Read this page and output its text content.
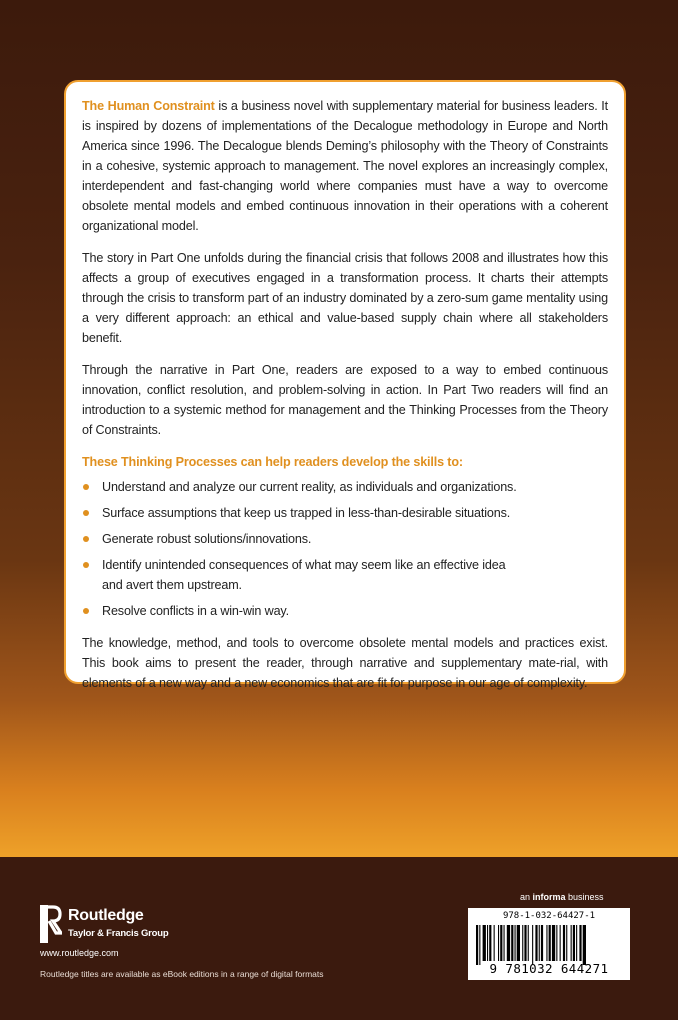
The Human Constraint is a business novel with supplementary material for business leaders. It is inspired by dozens of implementations of the Decalogue methodology in Europe and North America since 1996. The Decalogue blends Deming’s philosophy with the Theory of Constraints in a cohesive, systemic approach to management. The novel explores an increasingly complex, interdependent and fast-changing world where companies must have a way to overcome obsolete mental models and embed continuous innovation in their operations with a coherent organizational model.

The story in Part One unfolds during the financial crisis that follows 2008 and illustrates how this affects a group of executives engaged in a transformation process. It charts their attempts through the crisis to transform part of an industry dominated by a zero-sum game mentality using a very different approach: an ethical and value-based supply chain where all stakeholders benefit.

Through the narrative in Part One, readers are exposed to a way to embed continuous innovation, conflict resolution, and problem-solving in action. In Part Two readers will find an introduction to a systemic method for management and the Thinking Processes from the Theory of Constraints.

These Thinking Processes can help readers develop the skills to:
Understand and analyze our current reality, as individuals and organizations.
Surface assumptions that keep us trapped in less-than-desirable situations.
Generate robust solutions/innovations.
Identify unintended consequences of what may seem like an effective idea and avert them upstream.
Resolve conflicts in a win-win way.

The knowledge, method, and tools to overcome obsolete mental models and practices exist. This book aims to present the reader, through narrative and supplementary mate-rial, with elements of a new way and a new economics that are fit for purpose in our age of complexity.

Routledge
Taylor & Francis Group
www.routledge.com
Routledge titles are available as eBook editions in a range of digital formats
an informa business
978-1-032-64427-1
9 781032 644271
